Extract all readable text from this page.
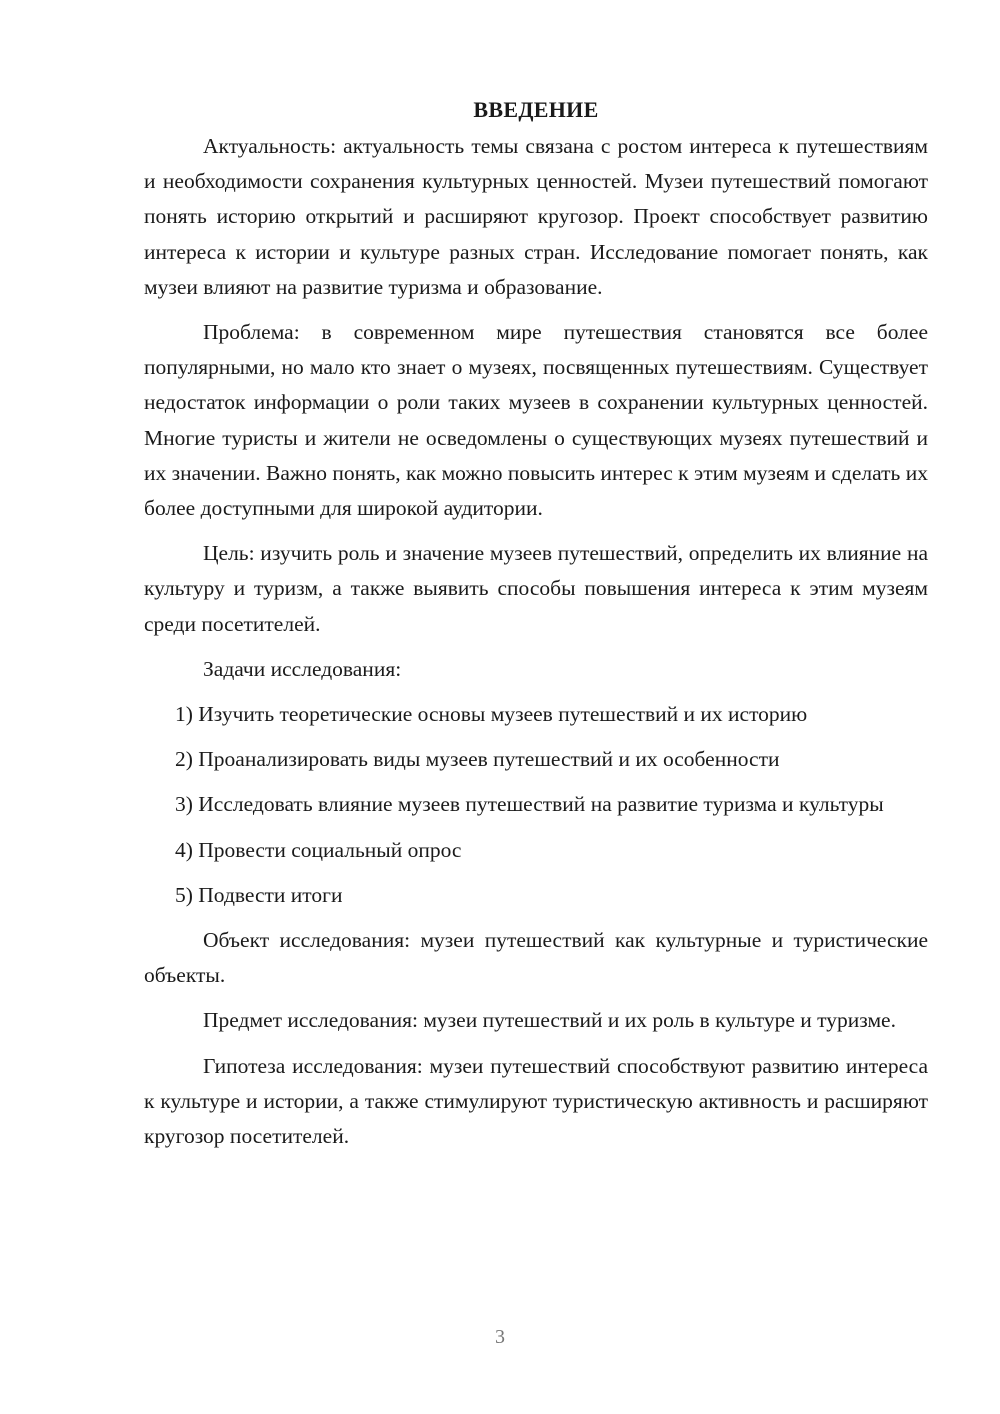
ВВЕДЕНИЕ

Актуальность: актуальность темы связана с ростом интереса к путешествиям и необходимости сохранения культурных ценностей. Музеи путешествий помогают понять историю открытий и расширяют кругозор. Проект способствует развитию интереса к истории и культуре разных стран. Исследование помогает понять, как музеи влияют на развитие туризма и образование.

Проблема: в современном мире путешествия становятся все более популярными, но мало кто знает о музеях, посвященных путешествиям. Существует недостаток информации о роли таких музеев в сохранении культурных ценностей. Многие туристы и жители не осведомлены о существующих музеях путешествий и их значении. Важно понять, как можно повысить интерес к этим музеям и сделать их более доступными для широкой аудитории.

Цель: изучить роль и значение музеев путешествий, определить их влияние на культуру и туризм, а также выявить способы повышения интереса к этим музеям среди посетителей.

Задачи исследования:

1) Изучить теоретические основы музеев путешествий и их историю

2) Проанализировать виды музеев путешествий и их особенности

3) Исследовать влияние музеев путешествий на развитие туризма и культуры

4) Провести социальный опрос

5) Подвести итоги

Объект исследования: музеи путешествий как культурные и туристические объекты.

Предмет исследования: музеи путешествий и их роль в культуре и туризме.

Гипотеза исследования: музеи путешествий способствуют развитию интереса к культуре и истории, а также стимулируют туристическую активность и расширяют кругозор посетителей.

3
